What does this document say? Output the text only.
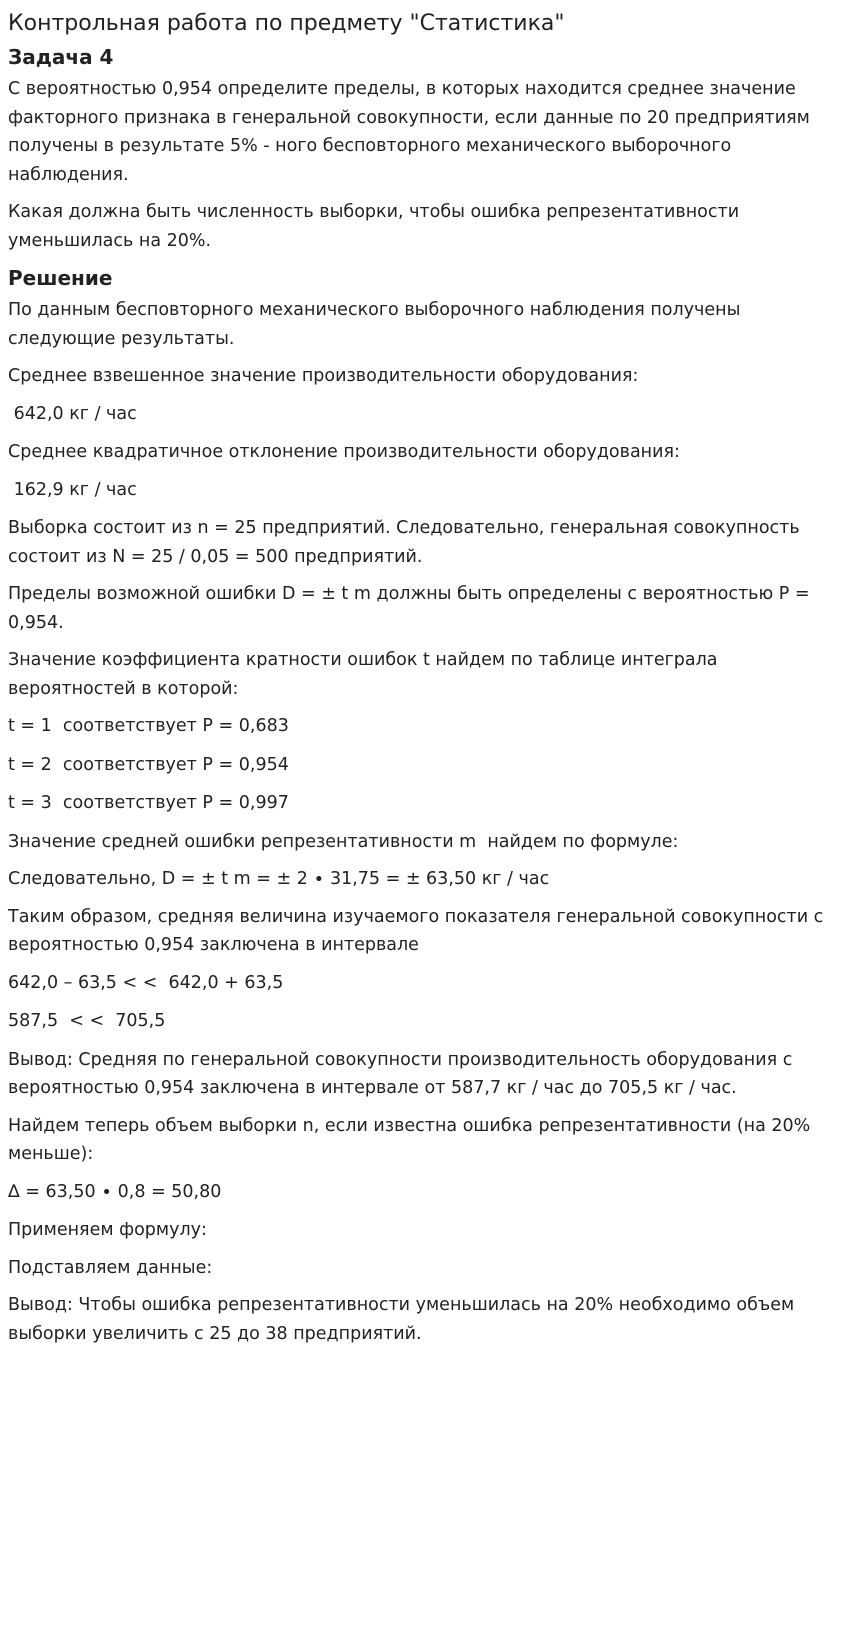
Контрольная работа по предмету "Статистика"
Задача 4

С вероятностью 0,954 определите пределы, в которых находится среднее значение факторного признака в генеральной совокупности, если данные по 20 предприятиям получены в результате 5% - ного бесповторного механического выборочного наблюдения.

Какая должна быть численность выборки, чтобы ошибка репрезентативности уменьшилась на 20%.

Решение

По данным бесповторного механического выборочного наблюдения получены следующие результаты.

Среднее взвешенное значение производительности оборудования:

642,0 кг / час

Среднее квадратичное отклонение производительности оборудования:

162,9 кг / час

Выборка состоит из n = 25 предприятий. Следовательно, генеральная совокупность состоит из N = 25 / 0,05 = 500 предприятий.

Пределы возможной ошибки D = ± t m должны быть определены с вероятностью P = 0,954.

Значение коэффициента кратности ошибок t найдем по таблице интеграла вероятностей в которой:

t = 1  соответствует P = 0,683

t = 2  соответствует P = 0,954

t = 3  соответствует P = 0,997

Значение средней ошибки репрезентативности m  найдем по формуле:

Следовательно, D = ± t m = ± 2 ∙ 31,75 = ± 63,50 кг / час

Таким образом, средняя величина изучаемого показателя генеральной совокупности с вероятностью 0,954 заключена в интервале

642,0 – 63,5 < <  642,0 + 63,5

587,5  < <  705,5

Вывод: Средняя по генеральной совокупности производительность оборудования с вероятностью 0,954 заключена в интервале от 587,7 кг / час до 705,5 кг / час.

Найдем теперь объем выборки n, если известна ошибка репрезентативности (на 20% меньше):

∆ = 63,50 ∙ 0,8 = 50,80

Применяем формулу:

Подставляем данные:

Вывод: Чтобы ошибка репрезентативности уменьшилась на 20% необходимо объем выборки увеличить с 25 до 38 предприятий.
